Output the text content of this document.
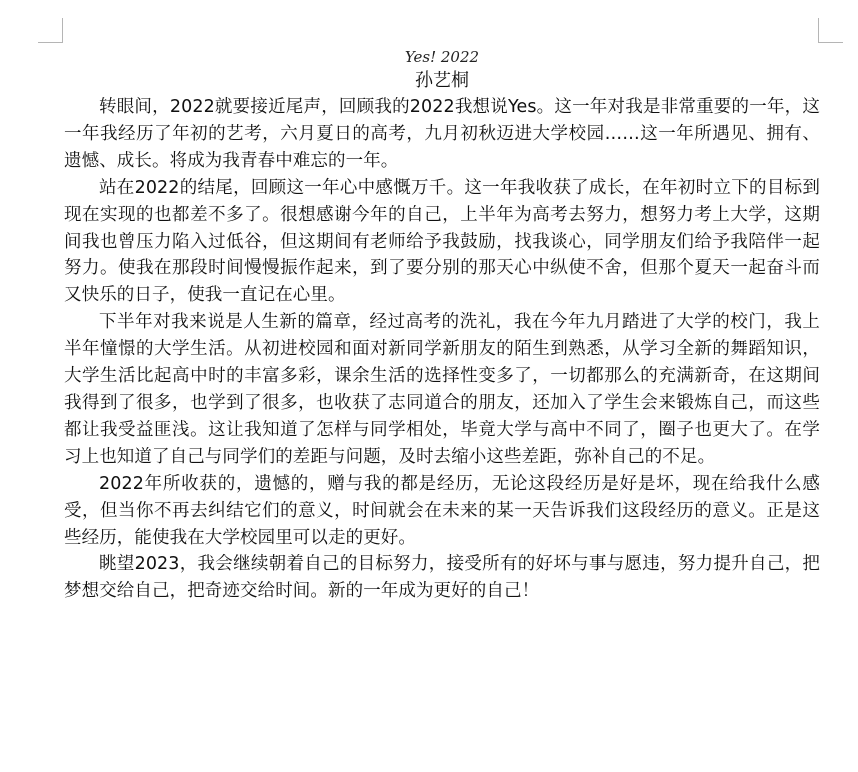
Yes! 2022
孙艺桐

转眼间，2022就要接近尾声，回顾我的2022我想说Yes。这一年对我是非常重要的一年，这一年我经历了年初的艺考，六月夏日的高考，九月初秋迈进大学校园……这一年所遇见、拥有、遗憾、成长。将成为我青春中难忘的一年。

站在2022的结尾，回顾这一年心中感慨万千。这一年我收获了成长，在年初时立下的目标到现在实现的也都差不多了。很想感谢今年的自己，上半年为高考去努力，想努力考上大学，这期间我也曾压力陷入过低谷，但这期间有老师给予我鼓励，找我谈心，同学朋友们给予我陪伴一起努力。使我在那段时间慢慢振作起来，到了要分别的那天心中纵使不舍，但那个夏天一起奋斗而又快乐的日子，使我一直记在心里。

下半年对我来说是人生新的篇章，经过高考的洗礼，我在今年九月踏进了大学的校门，我上半年憧憬的大学生活。从初进校园和面对新同学新朋友的陌生到熟悉，从学习全新的舞蹈知识，大学生活比起高中时的丰富多彩，课余生活的选择性变多了，一切都那么的充满新奇，在这期间我得到了很多，也学到了很多，也收获了志同道合的朋友，还加入了学生会来锻炼自己，而这些都让我受益匪浅。这让我知道了怎样与同学相处，毕竟大学与高中不同了，圈子也更大了。在学习上也知道了自己与同学们的差距与问题，及时去缩小这些差距，弥补自己的不足。

2022年所收获的，遗憾的，赠与我的都是经历，无论这段经历是好是坏，现在给我什么感受，但当你不再去纠结它们的意义，时间就会在未来的某一天告诉我们这段经历的意义。正是这些经历，能使我在大学校园里可以走的更好。

眺望2023，我会继续朝着自己的目标努力，接受所有的好坏与事与愿违，努力提升自己，把梦想交给自己，把奇迹交给时间。新的一年成为更好的自己！
